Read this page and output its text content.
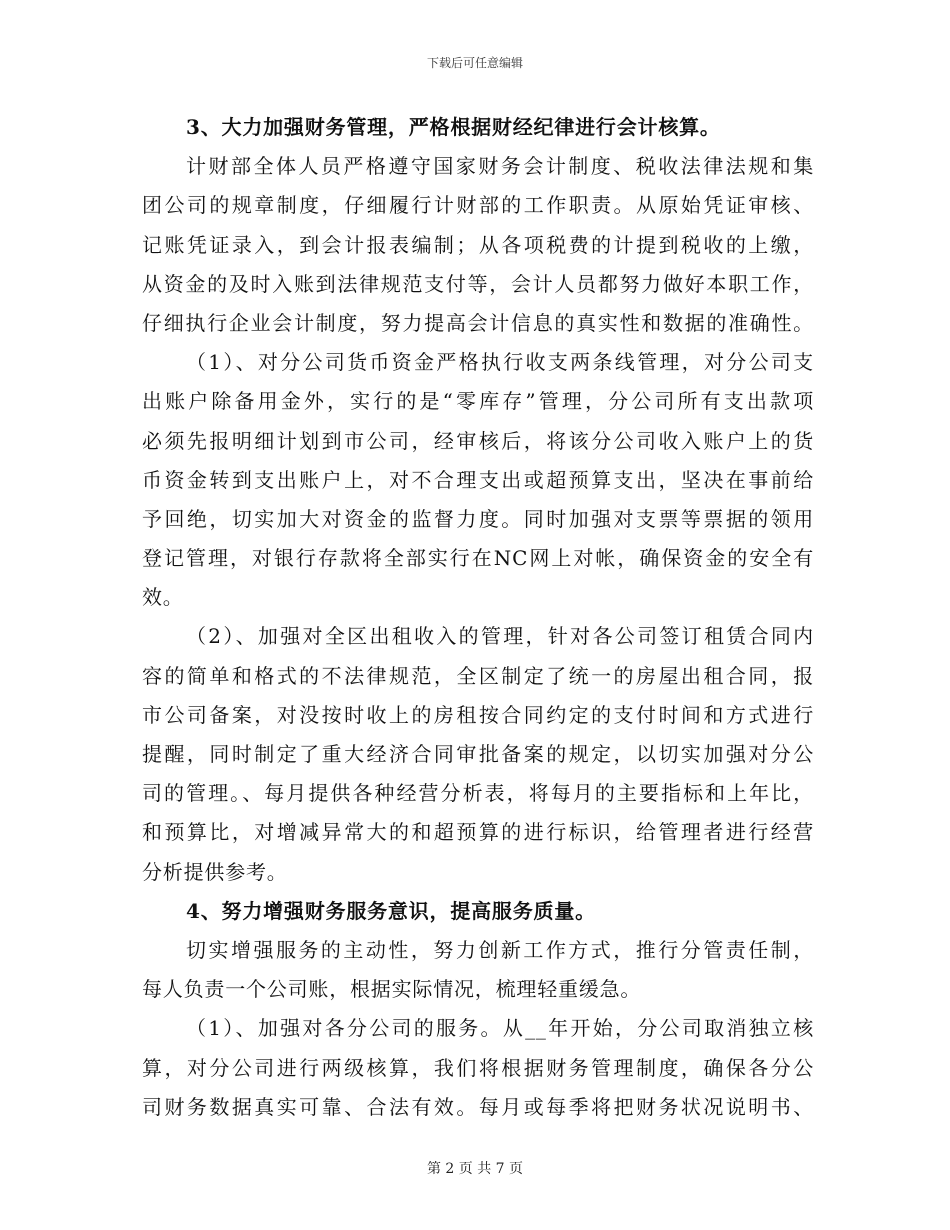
下载后可任意编辑
3、大力加强财务管理，严格根据财经纪律进行会计核算。
计财部全体人员严格遵守国家财务会计制度、税收法律法规和集
团公司的规章制度，仔细履行计财部的工作职责。从原始凭证审核、
记账凭证录入，到会计报表编制；从各项税费的计提到税收的上缴，
从资金的及时入账到法律规范支付等，会计人员都努力做好本职工作，
仔细执行企业会计制度，努力提高会计信息的真实性和数据的准确性。
（1）、对分公司货币资金严格执行收支两条线管理，对分公司支
出账户除备用金外，实行的是“零库存”管理，分公司所有支出款项
必须先报明细计划到市公司，经审核后，将该分公司收入账户上的货
币资金转到支出账户上，对不合理支出或超预算支出，坚决在事前给
予回绝，切实加大对资金的监督力度。同时加强对支票等票据的领用
登记管理，对银行存款将全部实行在NC网上对帐，确保资金的安全有
效。
（2）、加强对全区出租收入的管理，针对各公司签订租赁合同内
容的简单和格式的不法律规范，全区制定了统一的房屋出租合同，报
市公司备案，对没按时收上的房租按合同约定的支付时间和方式进行
提醒，同时制定了重大经济合同审批备案的规定，以切实加强对分公
司的管理。、每月提供各种经营分析表，将每月的主要指标和上年比，
和预算比，对增减异常大的和超预算的进行标识，给管理者进行经营
分析提供参考。
4、努力增强财务服务意识，提高服务质量。
切实增强服务的主动性，努力创新工作方式，推行分管责任制，
每人负责一个公司账，根据实际情况，梳理轻重缓急。
（1）、加强对各分公司的服务。从__年开始，分公司取消独立核
算，对分公司进行两级核算，我们将根据财务管理制度，确保各分公
司财务数据真实可靠、合法有效。每月或每季将把财务状况说明书、
第 2 页 共 7 页
